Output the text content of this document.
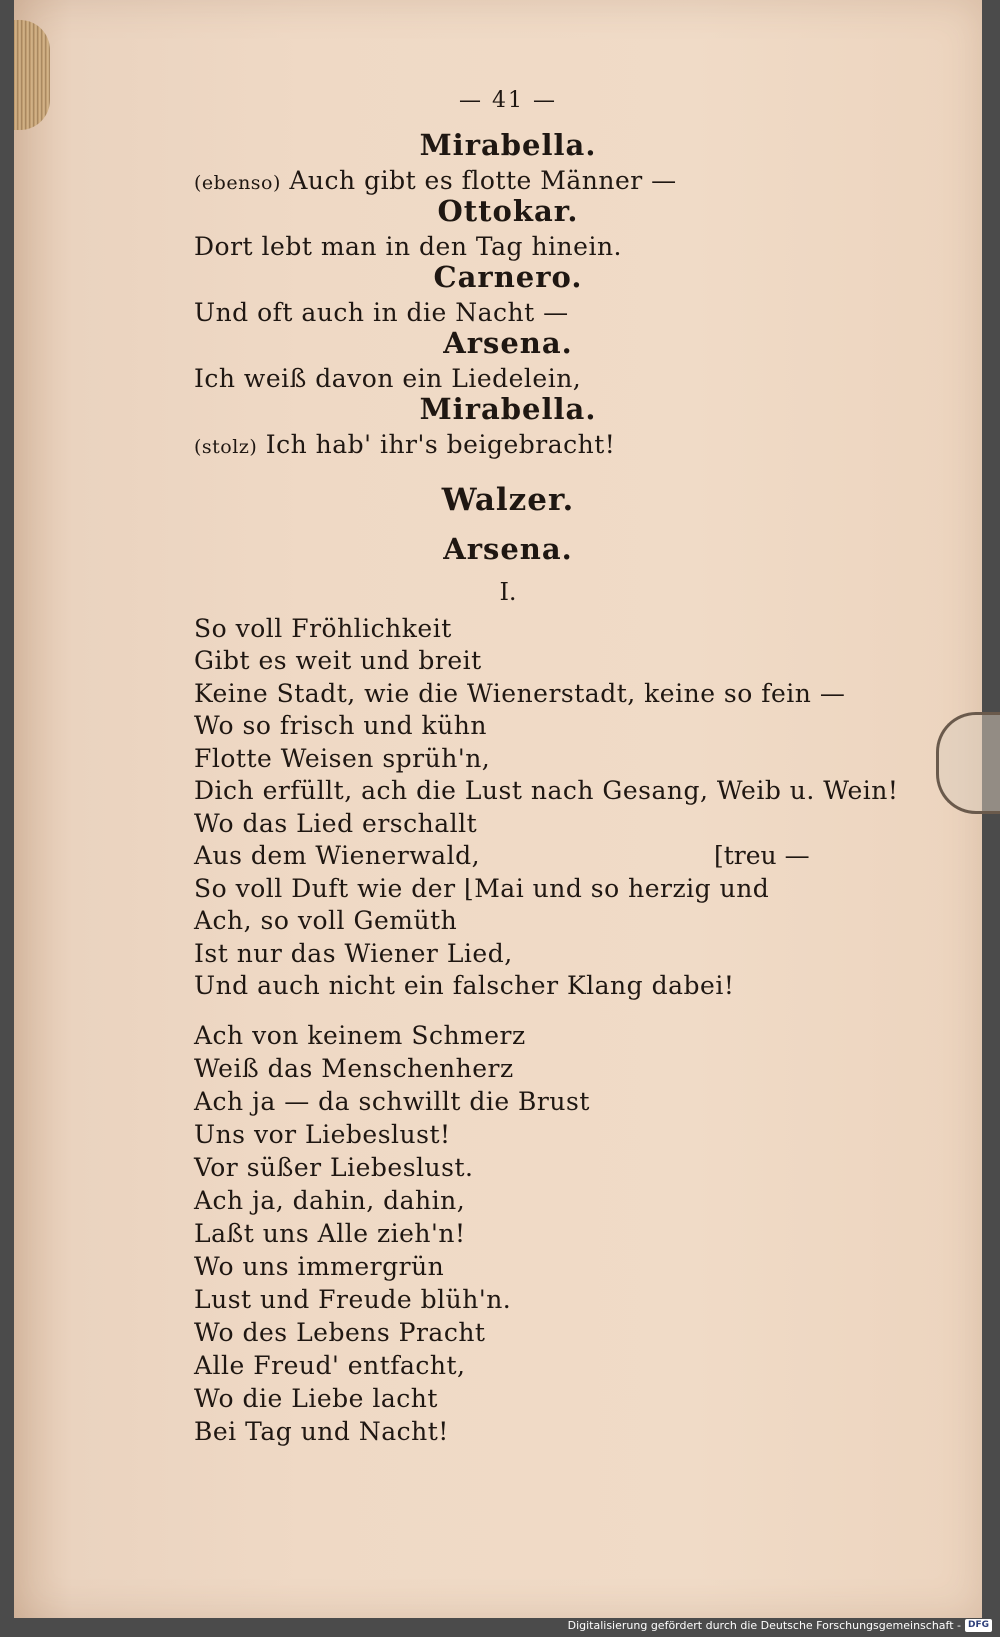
— 41 —
Mirabella.
(ebenso) Auch gibt es flotte Männer —
Ottokar.
Dort lebt man in den Tag hinein.
Carnero.
Und oft auch in die Nacht —
Arsena.
Ich weiß davon ein Liedelein,
Mirabella.
(stolz) Ich hab' ihr's beigebracht!
Walzer.
Arsena.
I.
So voll Fröhlichkeit
Gibt es weit und breit
Keine Stadt, wie die Wienerstadt, keine so fein —
Wo so frisch und kühn
Flotte Weisen sprüh'n,
Dich erfüllt, ach die Lust nach Gesang, Weib u. Wein!
Wo das Lied erschallt
Aus dem Wienerwald,	[treu —
So voll Duft wie der ⌊Mai und so herzig und
Ach, so voll Gemüth
Ist nur das Wiener Lied,
Und auch nicht ein falscher Klang dabei!
Ach von keinem Schmerz
Weiß das Menschenherz
Ach ja — da schwillt die Brust
Uns vor Liebeslust!
Vor süßer Liebeslust.
Ach ja, dahin, dahin,
Laßt uns Alle zieh'n!
Wo uns immergrün
Lust und Freude blüh'n.
Wo des Lebens Pracht
Alle Freud' entfacht,
Wo die Liebe lacht
Bei Tag und Nacht!
Digitalisierung gefördert durch die Deutsche Forschungsgemeinschaft - DFG
